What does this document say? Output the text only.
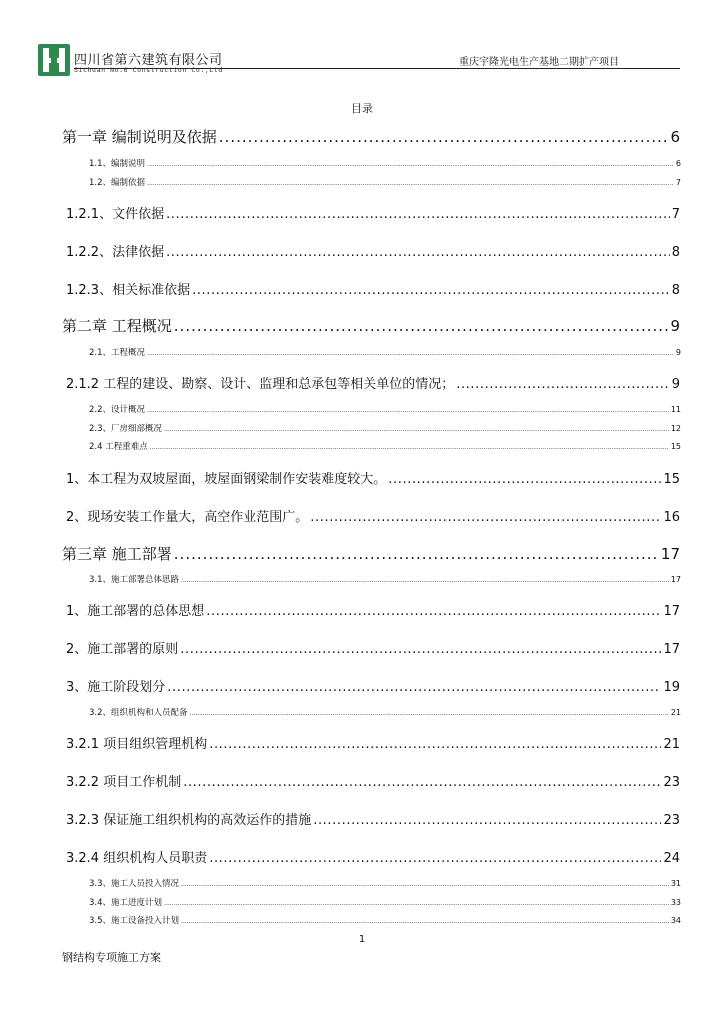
四川省第六建筑有限公司
Sichuan No.6 Construction Co.,Ltd
重庆宇隆光电生产基地二期扩产项目
目录
第一章 编制说明及依据 .....	6
1.1、编制说明 .....	6
1.2、编制依据 .....	7
1.2.1、文件依据 .....	7
1.2.2、法律依据 .....	8
1.2.3、相关标准依据 .....	8
第二章 工程概况 .....	9
2.1、工程概况 .....	9
2.1.2 工程的建设、勘察、设计、监理和总承包等相关单位的情况； .....	9
2.2、设计概况 .....	11
2.3、厂房细部概况 .....	12
2.4 工程重难点 .....	15
1、本工程为双坡屋面，坡屋面钢梁制作安装难度较大。 .....	15
2、现场安装工作量大，高空作业范围广。 .....	16
第三章 施工部署 .....	17
3.1、施工部署总体思路 .....	17
1、施工部署的总体思想 .....	17
2、施工部署的原则 .....	17
3、施工阶段划分 .....	19
3.2、组织机构和人员配备 .....	21
3.2.1 项目组织管理机构 .....	21
3.2.2 项目工作机制 .....	23
3.2.3 保证施工组织机构的高效运作的措施 .....	23
3.2.4 组织机构人员职责 .....	24
3.3、施工人员投入情况 .....	31
3.4、施工进度计划 .....	33
3.5、施工设备投入计划 .....	34
1
钢结构专项施工方案
